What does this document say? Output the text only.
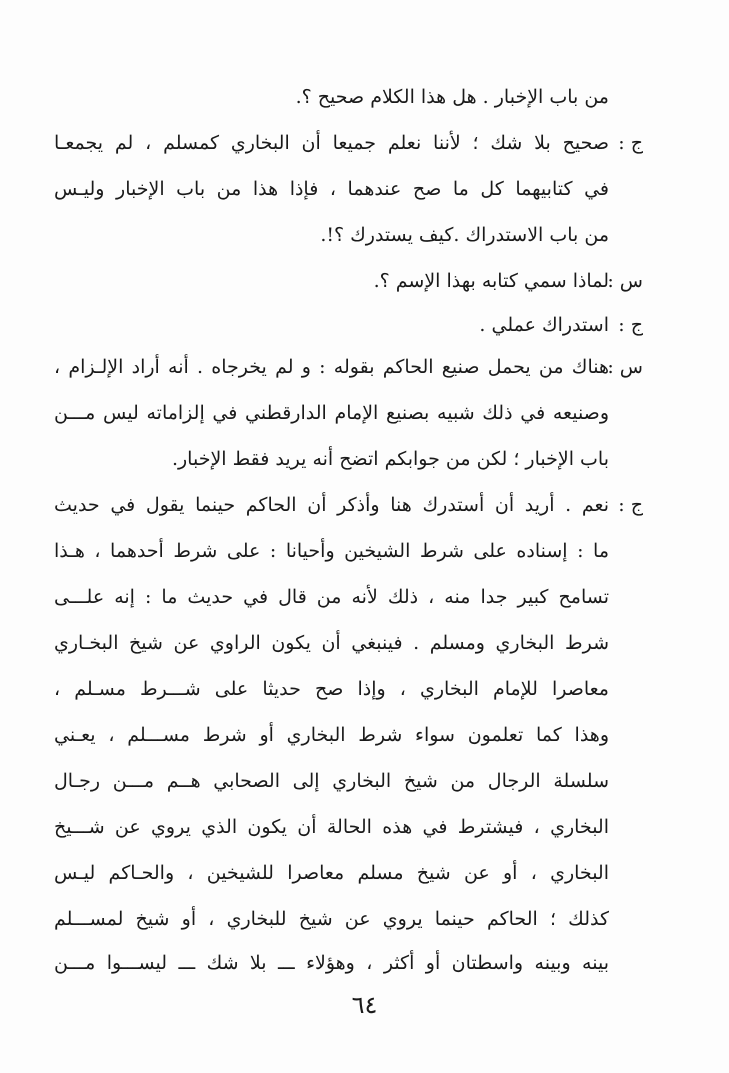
من باب الإخبار . هل هذا الكلام صحيح ؟.
ج :
صحيح بلا شك ؛ لأننا نعلم جميعا أن البخاري كمسلم ، لم يجمعـا
في كتابيهما كل ما صح عندهما ، فإذا هذا من باب الإخبار وليـس
من باب الاستدراك .كيف يستدرك ؟!.
س :
لماذا سمي كتابه بهذا الإسم ؟.
ج :
استدراك عملي .
س :
هناك من يحمل صنيع الحاكم بقوله : و لم يخرجاه . أنه أراد الإلـزام ،
وصنيعه في ذلك شبيه بصنيع الإمام الدارقطني في إلزاماته ليس مـــن
باب الإخبار ؛ لكن من جوابكم اتضح أنه يريد فقط الإخبار.
ج :
نعم . أريد أن أستدرك هنا وأذكر أن الحاكم حينما يقول في حديث
ما : إسناده على شرط الشيخين وأحيانا : على شرط أحدهما ، هـذا
تسامح كبير جدا منه ، ذلك لأنه من قال في حديث ما : إنه علـــى
شرط البخاري ومسلم . فينبغي أن يكون الراوي عن شيخ البخـاري
معاصرا للإمام البخاري ، وإذا صح حديثا على شـــرط مسـلم ،
وهذا كما تعلمون سواء شرط البخاري أو شرط مســـلم ، يعـني
سلسلة الرجال من شيخ البخاري إلى الصحابي هــم مـــن رجـال
البخاري ، فيشترط في هذه الحالة أن يكون الذي يروي عن شـــيخ
البخاري ، أو عن شيخ مسلم معاصرا للشيخين ، والحـاكم ليـس
كذلك ؛ الحاكم حينما يروي عن شيخ للبخاري ، أو شيخ لمســـلم
بينه وبينه واسطتان أو أكثر ، وهؤلاء ـــ بلا شك ـــ ليســـوا مـــن
٦٤
